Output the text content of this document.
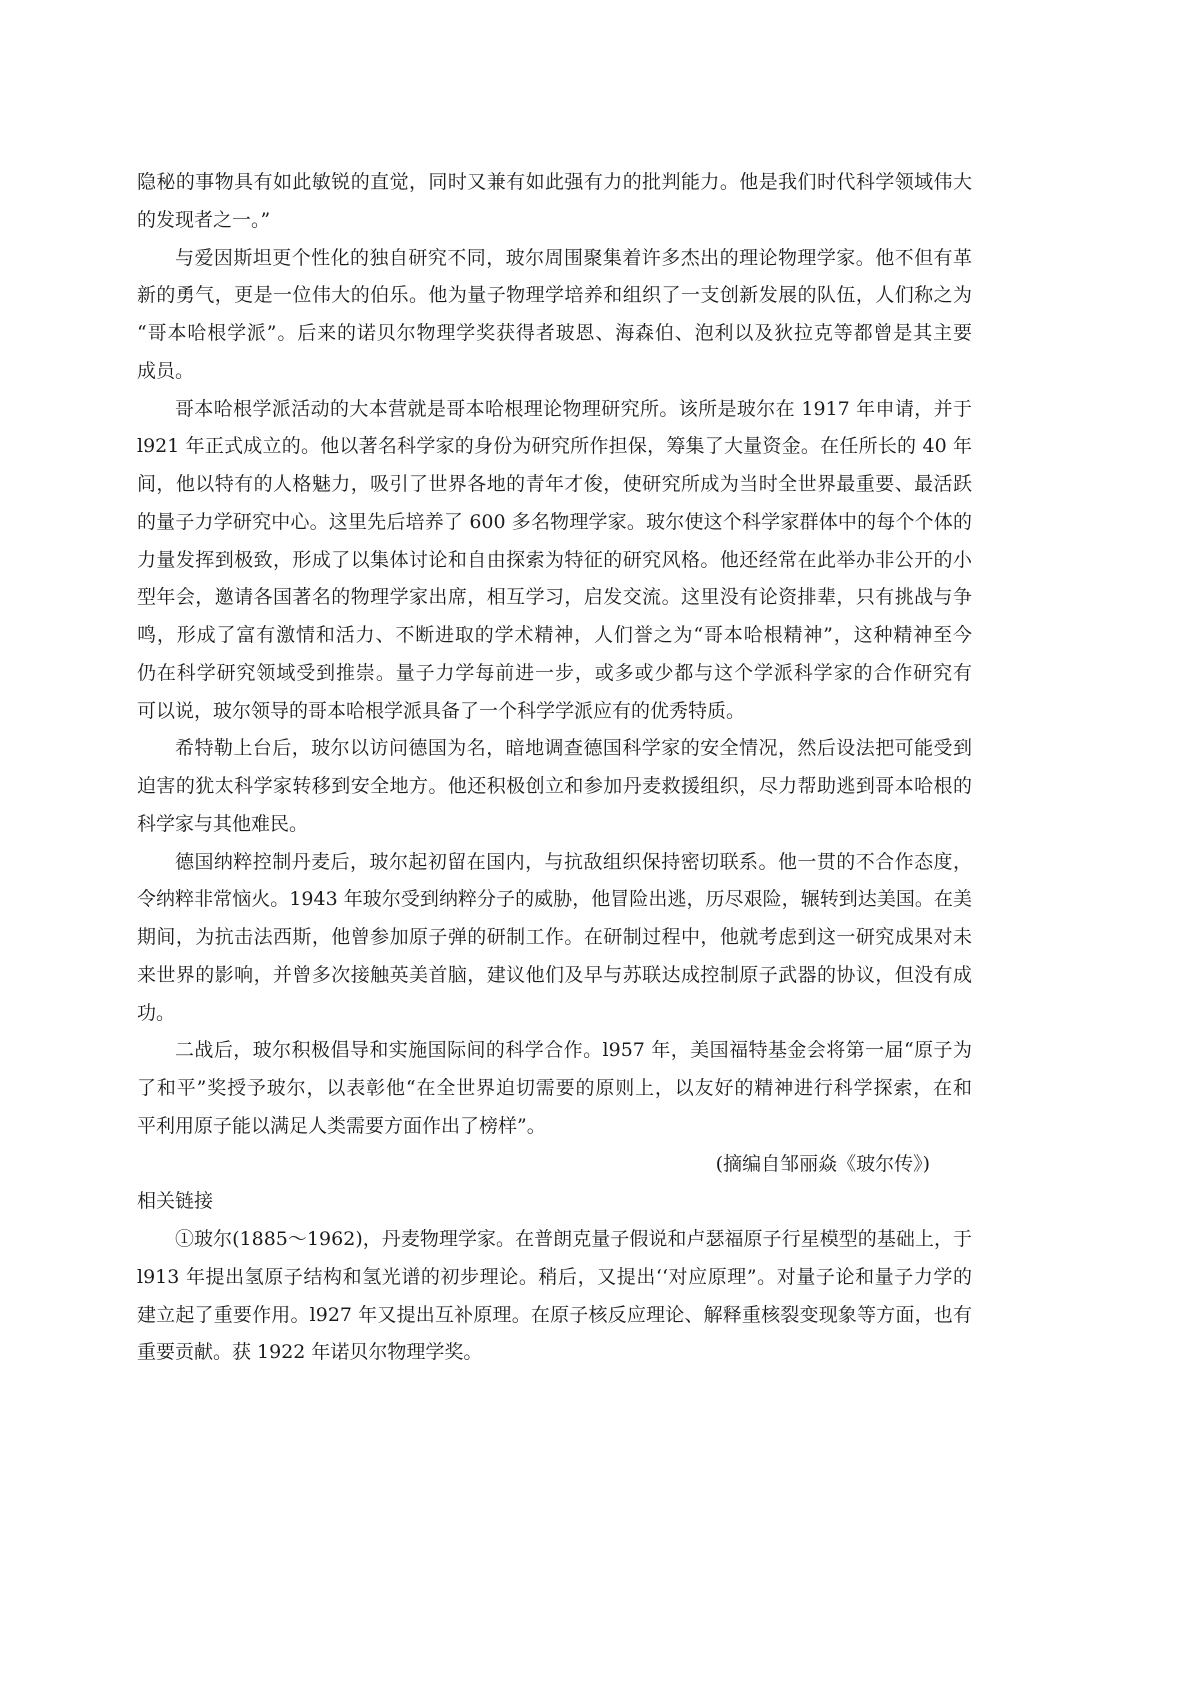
隐秘的事物具有如此敏锐的直觉，同时又兼有如此强有力的批判能力。他是我们时代科学领域伟大
的发现者之一。”
与爱因斯坦更个性化的独自研究不同，玻尔周围聚集着许多杰出的理论物理学家。他不但有革
新的勇气，更是一位伟大的伯乐。他为量子物理学培养和组织了一支创新发展的队伍，人们称之为
“哥本哈根学派”。后来的诺贝尔物理学奖获得者玻恩、海森伯、泡利以及狄拉克等都曾是其主要
成员。
哥本哈根学派活动的大本营就是哥本哈根理论物理研究所。该所是玻尔在 1917 年申请，并于
l921 年正式成立的。他以著名科学家的身份为研究所作担保，筹集了大量资金。在任所长的 40 年
间，他以特有的人格魅力，吸引了世界各地的青年才俊，使研究所成为当时全世界最重要、最活跃
的量子力学研究中心。这里先后培养了 600 多名物理学家。玻尔使这个科学家群体中的每个个体的
力量发挥到极致，形成了以集体讨论和自由探索为特征的研究风格。他还经常在此举办非公开的小
型年会，邀请各国著名的物理学家出席，相互学习，启发交流。这里没有论资排辈，只有挑战与争
鸣，形成了富有激情和活力、不断进取的学术精神，人们誉之为“哥本哈根精神”，这种精神至今
仍在科学研究领域受到推崇。量子力学每前进一步，或多或少都与这个学派科学家的合作研究有
可以说，玻尔领导的哥本哈根学派具备了一个科学学派应有的优秀特质。
希特勒上台后，玻尔以访问德国为名，暗地调查德国科学家的安全情况，然后设法把可能受到
迫害的犹太科学家转移到安全地方。他还积极创立和参加丹麦救援组织，尽力帮助逃到哥本哈根的
科学家与其他难民。
德国纳粹控制丹麦后，玻尔起初留在国内，与抗敌组织保持密切联系。他一贯的不合作态度，
令纳粹非常恼火。1943 年玻尔受到纳粹分子的威胁，他冒险出逃，历尽艰险，辗转到达美国。在美
期间，为抗击法西斯，他曾参加原子弹的研制工作。在研制过程中，他就考虑到这一研究成果对未
来世界的影响，并曾多次接触英美首脑，建议他们及早与苏联达成控制原子武器的协议，但没有成
功。
二战后，玻尔积极倡导和实施国际间的科学合作。l957 年，美国福特基金会将第一届“原子为
了和平”奖授予玻尔，以表彰他“在全世界迫切需要的原则上，以友好的精神进行科学探索，在和
平利用原子能以满足人类需要方面作出了榜样”。
(摘编自邹丽焱《玻尔传》)
相关链接
①玻尔(1885～1962)，丹麦物理学家。在普朗克量子假说和卢瑟福原子行星模型的基础上，于
l913 年提出氢原子结构和氢光谱的初步理论。稍后，又提出‘‘对应原理”。对量子论和量子力学的
建立起了重要作用。l927 年又提出互补原理。在原子核反应理论、解释重核裂变现象等方面，也有
重要贡献。获 1922 年诺贝尔物理学奖。
